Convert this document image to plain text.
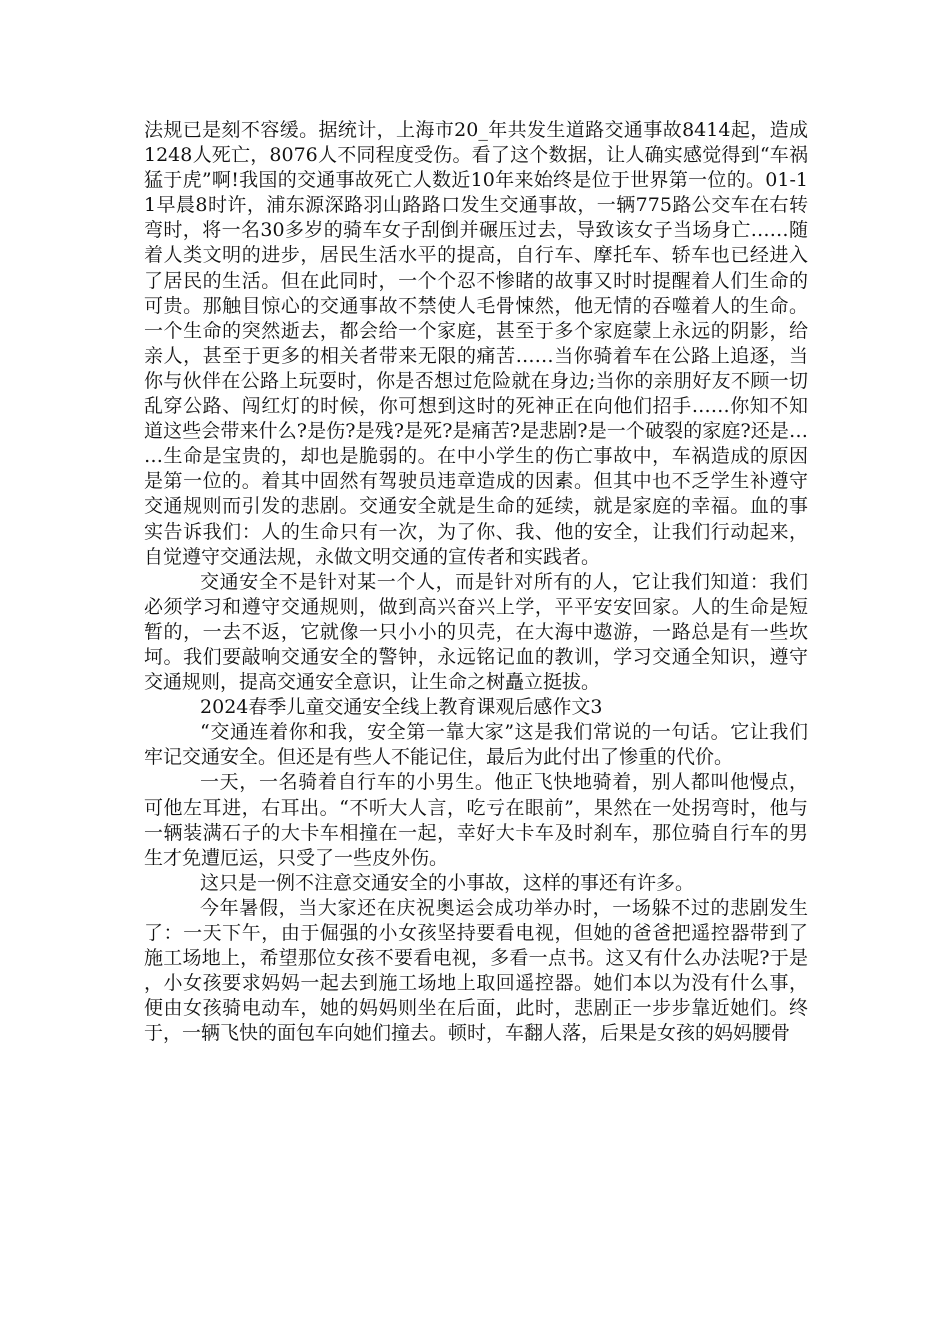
法规已是刻不容缓。据统计，上海市20_年共发生道路交通事故8414起，造成1248人死亡，8076人不同程度受伤。看了这个数据，让人确实感觉得到“车祸猛于虎”啊!我国的交通事故死亡人数近10年来始终是位于世界第一位的。01-11早晨8时许，浦东源深路羽山路路口发生交通事故，一辆775路公交车在右转弯时，将一名30多岁的骑车女子刮倒并碾压过去，导致该女子当场身亡……随着人类文明的进步，居民生活水平的提高，自行车、摩托车、轿车也已经进入了居民的生活。但在此同时，一个个忍不惨睹的故事又时时提醒着人们生命的可贵。那触目惊心的交通事故不禁使人毛骨悚然，他无情的吞噬着人的生命。一个生命的突然逝去，都会给一个家庭，甚至于多个家庭蒙上永远的阴影，给亲人，甚至于更多的相关者带来无限的痛苦……当你骑着车在公路上追逐，当你与伙伴在公路上玩耍时，你是否想过危险就在身边;当你的亲朋好友不顾一切乱穿公路、闯红灯的时候，你可想到这时的死神正在向他们招手……你知不知道这些会带来什么?是伤?是残?是死?是痛苦?是悲剧?是一个破裂的家庭?还是……生命是宝贵的，却也是脆弱的。在中小学生的伤亡事故中，车祸造成的原因是第一位的。着其中固然有驾驶员违章造成的因素。但其中也不乏学生补遵守交通规则而引发的悲剧。交通安全就是生命的延续，就是家庭的幸福。血的事实告诉我们：人的生命只有一次，为了你、我、他的安全，让我们行动起来，自觉遵守交通法规，永做文明交通的宣传者和实践者。

交通安全不是针对某一个人，而是针对所有的人，它让我们知道：我们必须学习和遵守交通规则，做到高兴奋兴上学，平平安安回家。人的生命是短暂的，一去不返，它就像一只小小的贝壳，在大海中遨游，一路总是有一些坎坷。我们要敲响交通安全的警钟，永远铭记血的教训，学习交通全知识，遵守交通规则，提高交通安全意识，让生命之树矗立挺拔。

2024春季儿童交通安全线上教育课观后感作文3

“交通连着你和我，安全第一靠大家”这是我们常说的一句话。它让我们牢记交通安全。但还是有些人不能记住，最后为此付出了惨重的代价。

一天，一名骑着自行车的小男生。他正飞快地骑着，别人都叫他慢点，可他左耳进，右耳出。“不听大人言，吃亏在眼前”，果然在一处拐弯时，他与一辆装满石子的大卡车相撞在一起，幸好大卡车及时刹车，那位骑自行车的男生才免遭厄运，只受了一些皮外伤。

这只是一例不注意交通安全的小事故，这样的事还有许多。

今年暑假，当大家还在庆祝奥运会成功举办时，一场躲不过的悲剧发生了：一天下午，由于倔强的小女孩坚持要看电视，但她的爸爸把遥控器带到了施工场地上，希望那位女孩不要看电视，多看一点书。这又有什么办法呢?于是，小女孩要求妈妈一起去到施工场地上取回遥控器。她们本以为没有什么事，便由女孩骑电动车，她的妈妈则坐在后面，此时，悲剧正一步步靠近她们。终于，一辆飞快的面包车向她们撞去。顿时，车翻人落，后果是女孩的妈妈腰骨
